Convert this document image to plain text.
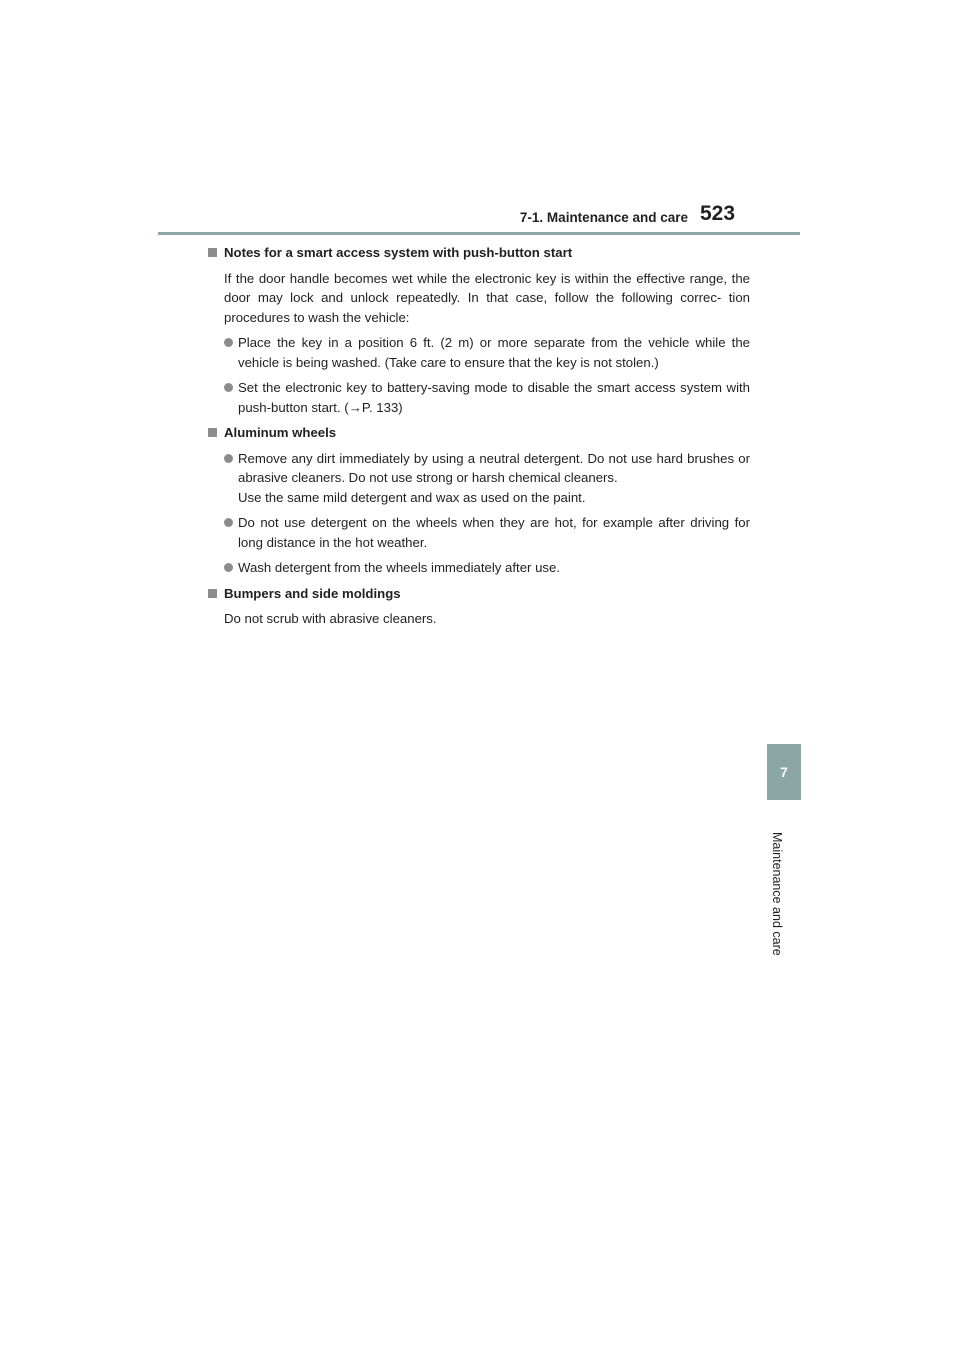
7-1. Maintenance and care 523
7
Maintenance and care
Notes for a smart access system with push-button start

If the door handle becomes wet while the electronic key is within the effective range, the door may lock and unlock repeatedly. In that case, follow the following correc- tion procedures to wash the vehicle:

Place the key in a position 6 ft. (2 m) or more separate from the vehicle while the vehicle is being washed. (Take care to ensure that the key is not stolen.)

Set the electronic key to battery-saving mode to disable the smart access system with push-button start. (→P. 133)

Aluminum wheels

Remove any dirt immediately by using a neutral detergent. Do not use hard brushes or abrasive cleaners. Do not use strong or harsh chemical cleaners.

Use the same mild detergent and wax as used on the paint.

Do not use detergent on the wheels when they are hot, for example after driving for long distance in the hot weather.

Wash detergent from the wheels immediately after use.

Bumpers and side moldings

Do not scrub with abrasive cleaners.
